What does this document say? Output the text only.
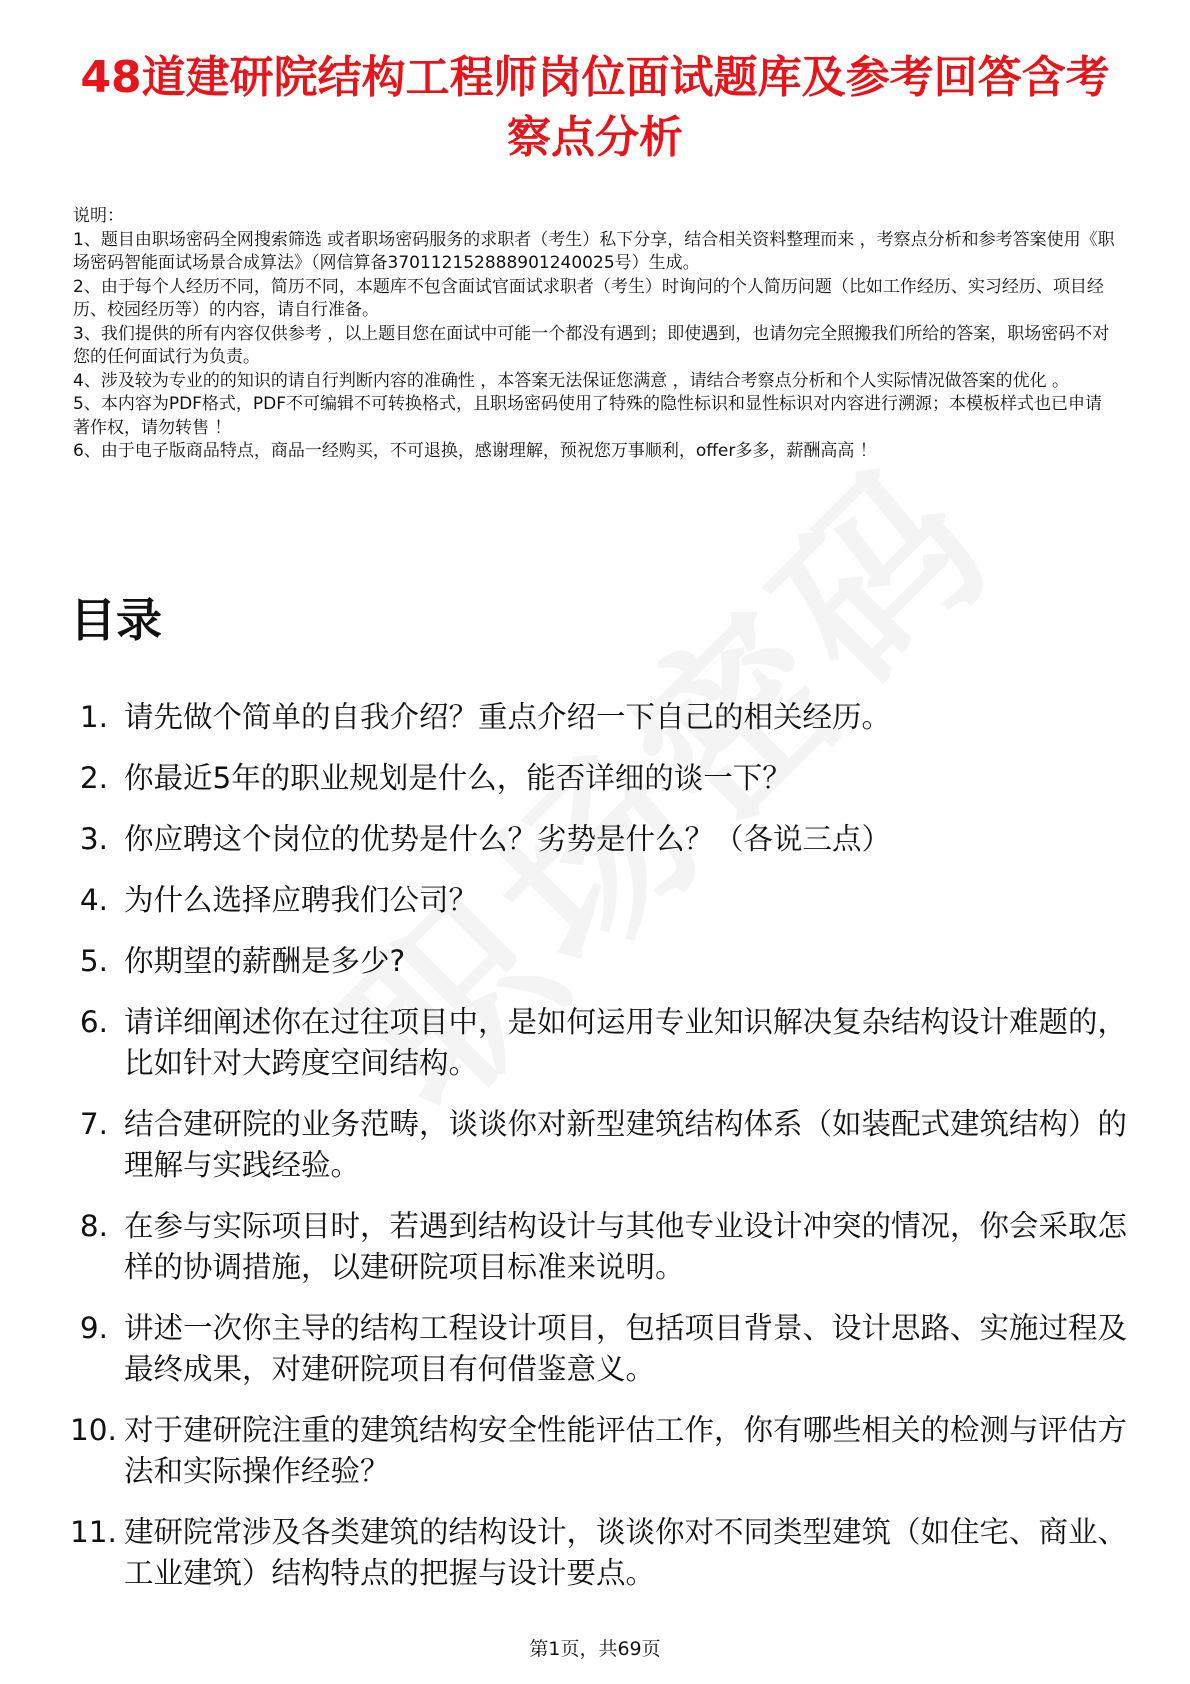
48道建研院结构工程师岗位面试题库及参考回答含考察点分析

说明：

1、题目由职场密码全网搜索筛选 或者职场密码服务的求职者（考生）私下分享，结合相关资料整理而来 ，考察点分析和参考答案使用《职场密码智能面试场景合成算法》（网信算备370112152888901240025号）生成。

2、由于每个人经历不同，简历不同，本题库不包含面试官面试求职者（考生）时询问的个人简历问题（比如工作经历、实习经历、项目经历、校园经历等）的内容，请自行准备。

3、我们提供的所有内容仅供参考 ，以上题目您在面试中可能一个都没有遇到；即使遇到，也请勿完全照搬我们所给的答案，职场密码不对您的任何面试行为负责。

4、涉及较为专业的的知识的请自行判断内容的准确性 ，本答案无法保证您满意 ，请结合考察点分析和个人实际情况做答案的优化 。

5、本内容为PDF格式，PDF不可编辑不可转换格式，且职场密码使用了特殊的隐性标识和显性标识对内容进行溯源；本模板样式也已申请著作权，请勿转售 ！

6、由于电子版商品特点，商品一经购买，不可退换，感谢理解，预祝您万事顺利，offer多多，薪酬高高 ！

目录
1. 请先做个简单的自我介绍？重点介绍一下自己的相关经历。
2. 你最近5年的职业规划是什么，能否详细的谈一下？
3. 你应聘这个岗位的优势是什么？劣势是什么？（各说三点）
4. 为什么选择应聘我们公司？
5. 你期望的薪酬是多少?
6. 请详细阐述你在过往项目中，是如何运用专业知识解决复杂结构设计难题的，比如针对大跨度空间结构。
7. 结合建研院的业务范畴，谈谈你对新型建筑结构体系（如装配式建筑结构）的理解与实践经验。
8. 在参与实际项目时，若遇到结构设计与其他专业设计冲突的情况，你会采取怎样的协调措施，以建研院项目标准来说明。
9. 讲述一次你主导的结构工程设计项目，包括项目背景、设计思路、实施过程及最终成果，对建研院项目有何借鉴意义。
10. 对于建研院注重的建筑结构安全性能评估工作，你有哪些相关的检测与评估方法和实际操作经验？
11. 建研院常涉及各类建筑的结构设计，谈谈你对不同类型建筑（如住宅、商业、工业建筑）结构特点的把握与设计要点。
第1页，共69页
